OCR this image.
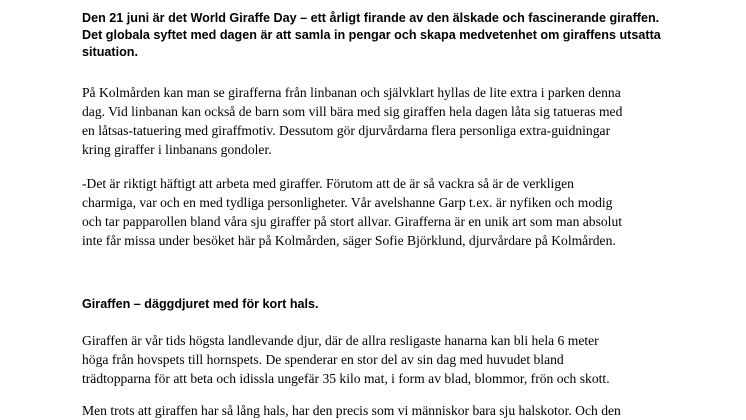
Den 21 juni är det World Giraffe Day – ett årligt firande av den älskade och fascinerande giraffen.
Det globala syftet med dagen är att samla in pengar och skapa medvetenhet om giraffens utsatta
situation.

På Kolmården kan man se girafferna från linbanan och självklart hyllas de lite extra i parken denna
dag. Vid linbanan kan också de barn som vill bära med sig giraffen hela dagen låta sig tatueras med
en låtsas-tatuering med giraffmotiv. Dessutom gör djurvårdarna flera personliga extra-guidningar
kring giraffer i linbanans gondoler.

-Det är riktigt häftigt att arbeta med giraffer. Förutom att de är så vackra så är de verkligen
charmiga, var och en med tydliga personligheter. Vår avelshanne Garp t.ex. är nyfiken och modig
och tar papparollen bland våra sju giraffer på stort allvar. Girafferna är en unik art som man absolut
inte får missa under besöket här på Kolmården, säger Sofie Björklund, djurvårdare på Kolmården.

Giraffen – däggdjuret med för kort hals.

Giraffen är vår tids högsta landlevande djur, där de allra resligaste hanarna kan bli hela 6 meter
höga från hovspets till hornspets. De spenderar en stor del av sin dag med huvudet bland
trädtopparna för att beta och idissla ungefär 35 kilo mat, i form av blad, blommor, frön och skott.

Men trots att giraffen har så lång hals, har den precis som vi människor bara sju halskotor. Och den
